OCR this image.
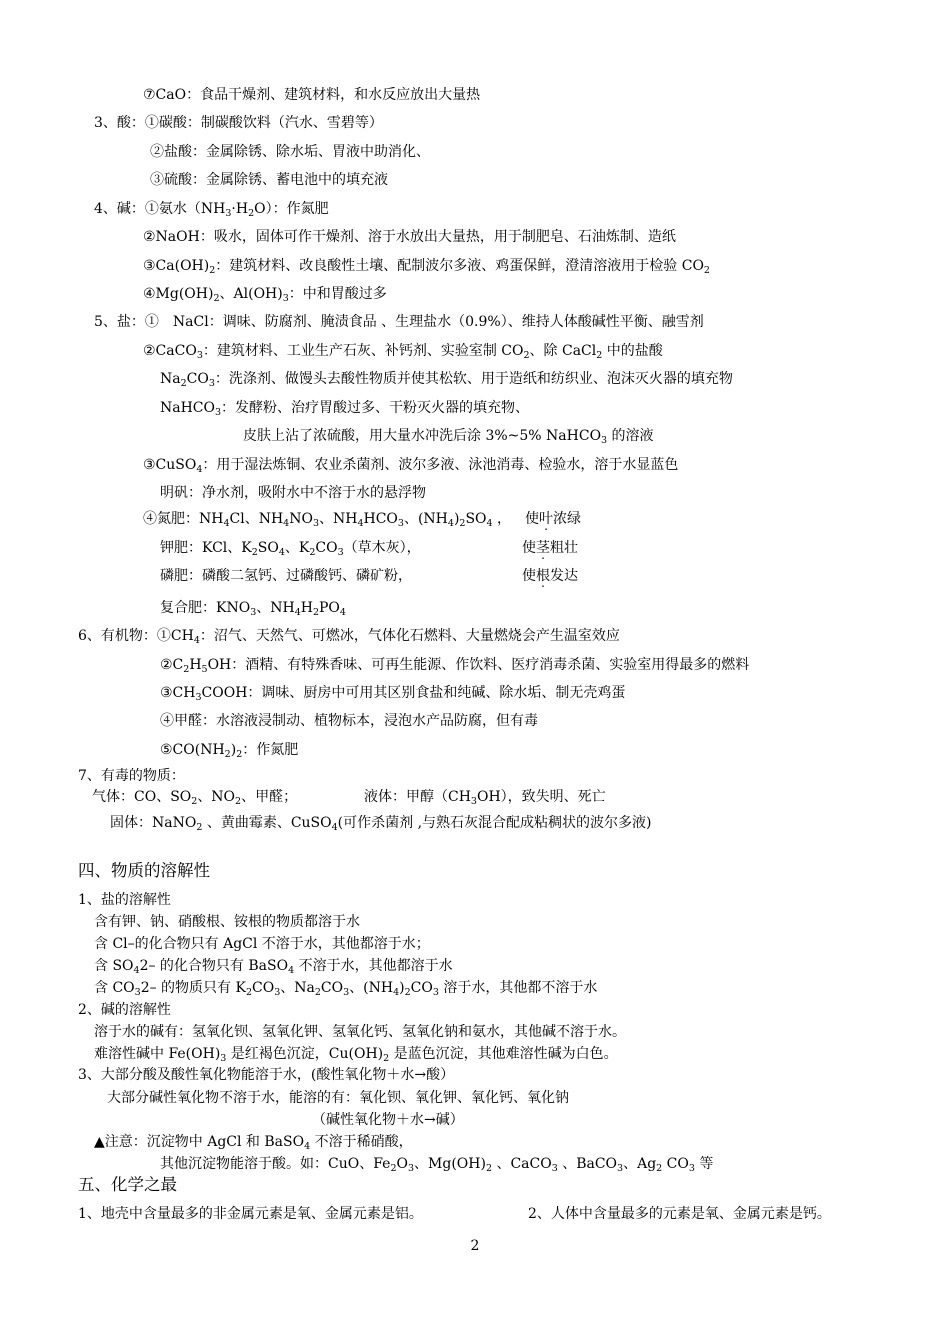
⑦CaO：食品干燥剂、建筑材料，和水反应放出大量热
3、酸：①碳酸：制碳酸饮料（汽水、雪碧等）
②盐酸：金属除锈、除水垢、胃液中助消化、
③硫酸：金属除锈、蓄电池中的填充液
4、碱：①氨水$(NH_3\cdot H_2O)$：作氮肥
②NaOH：吸水，固体可作干燥剂、溶于水放出大量热，用于制肥皂、石油炼制、造纸
$③Ca(OH)_2$：建筑材料、改良酸性土壤、配制波尔多液、鸡蛋保鲜，澄清溶液用于检验 $CO_2$
$④Mg(OH)_2$、$Al(OH)_3$：中和胃酸过多
5、盐：①　NaCl：调味、防腐剂、腌渍食品 、生理盐水（0.9%）、维持人体酸碱性平衡、融雪剂
②CaCO$_3$：建筑材料、工业生产石灰、补钙剂、实验室制 $CO_2$、除 CaCl$_2$ 中的盐酸
$Na_2CO_3$：洗涤剂、做馒头去酸性物质并使其松软、用于造纸和纺织业、泡沫灭火器的填充物
NaHCO$_3$：发酵粉、治疗胃酸过多、干粉灭火器的填充物、
皮肤上沾了浓硫酸，用大量水冲洗后涂 3%~5% NaHCO$_3$ 的溶液
③CuSO$_4$：用于湿法炼铜、农业杀菌剂、波尔多液、泳池消毒、检验水，溶于水显蓝色
明矾：净水剂，吸附水中不溶于水的悬浮物
④氮肥：$NH_4Cl$、$NH_4NO_3$、$NH_4HCO_3$、$(NH_4)_2SO_4$ ， 使叶浓绿
钾肥：KCl、$K_2SO_4$、$K_2CO_3$（草木灰），	使茎粗壮
磷肥：磷酸二氢钙、过磷酸钙、磷矿粉，	使根发达
复合肥：$KNO_3$、$NH_4H_2PO_4$
6、有机物：$①CH_4$：沼气、天然气、可燃冰，气体化石燃料、大量燃烧会产生温室效应
$②C_2H_5OH$：酒精、有特殊香味、可再生能源、作饮料、医疗消毒杀菌、实验室用得最多的燃料
$③CH_3COOH$：调味、厨房中可用其区别食盐和纯碱、除水垢、制无壳鸡蛋
④甲醛：水溶液浸制动、植物标本，浸泡水产品防腐，但有毒
$⑤CO(NH_2)_2$：作氮肥
7、有毒的物质：
气体：CO、$SO_2$、$NO_2$、甲醛；	液体：甲醇$(CH_3OH)$，致失明、死亡
固体：NaNO$_2$ 、黄曲霉素、CuSO$_4$(可作杀菌剂 ,与熟石灰混合配成粘稠状的波尔多液)
四、物质的溶解性
1、盐的溶解性
含有钾、钠、硝酸根、铵根的物质都溶于水
含 Cl–的化合物只有 AgCl 不溶于水，其他都溶于水；
含 $SO_42-$ 的化合物只有 BaSO$_4$ 不溶于水，其他都溶于水
含 $CO_32-$ 的物质只有 $K_2CO_3$、$Na_2CO_3$、$(NH_4)_2CO_3$ 溶于水，其他都不溶于水
2、碱的溶解性
溶于水的碱有：氢氧化钡、氢氧化钾、氢氧化钙、氢氧化钠和氨水，其他碱不溶于水。
难溶性碱中 $Fe(OH)_3$ 是红褐色沉淀，$Cu(OH)_2$ 是蓝色沉淀，其他难溶性碱为白色。
3、大部分酸及酸性氧化物能溶于水，(酸性氧化物＋水→酸）
大部分碱性氧化物不溶于水，能溶的有：氧化钡、氧化钾、氧化钙、氧化钠
（碱性氧化物＋水→碱）
▲注意：沉淀物中 AgCl 和 BaSO$_4$ 不溶于稀硝酸，
其他沉淀物能溶于酸。如：CuO、$Fe_2O_3$、$Mg(OH)_2$ 、CaCO$_3$ 、BaCO$_3$、$Ag_2$ $CO_3$ 等
五、化学之最
1、地壳中含量最多的非金属元素是氧、金属元素是铝。	2、人体中含量最多的元素是氧、金属元素是钙。
2
